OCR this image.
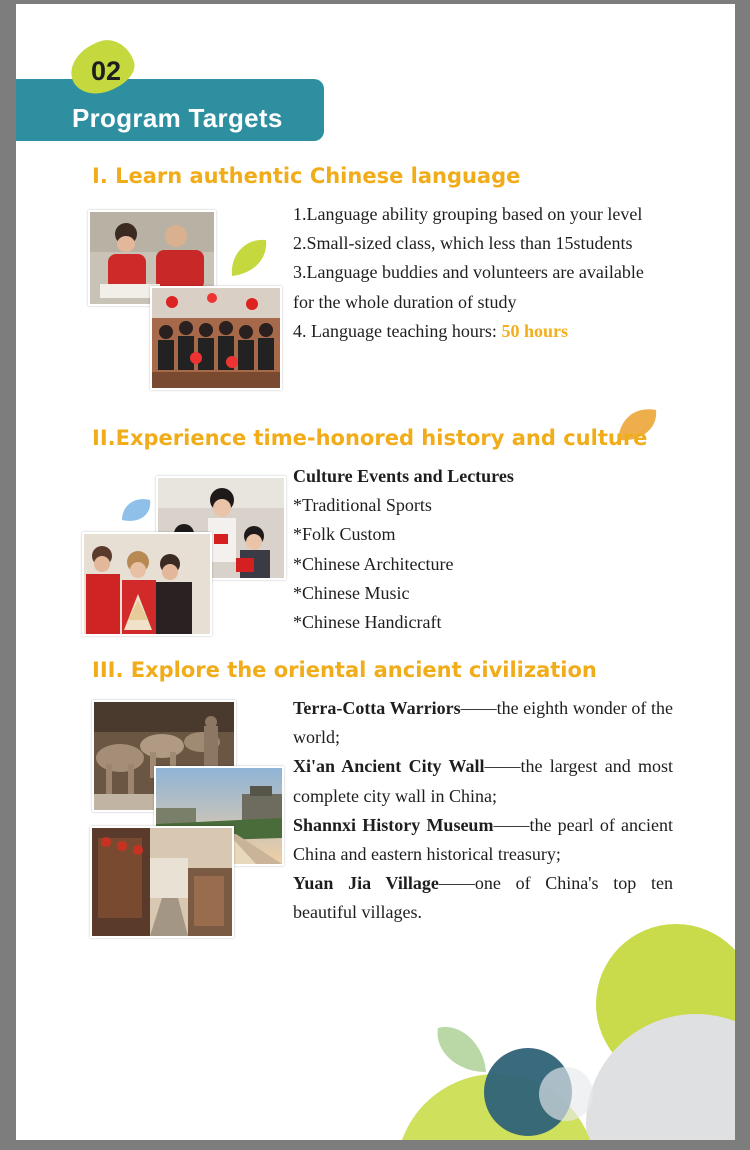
Program Targets
02
I. Learn authentic Chinese language
1.Language ability grouping based on your level
2.Small-sized class, which less than 15students
3.Language buddies and volunteers are available
for the whole duration of study
4. Language teaching hours: 50 hours
II.Experience time-honored history and culture
Culture Events and Lectures
*Traditional Sports
*Folk Custom
*Chinese Architecture
*Chinese Music
*Chinese Handicraft
III. Explore the oriental ancient civilization
Terra-Cotta Warriors——the eighth wonder of the world;
Xi'an Ancient City Wall——the largest and most complete city wall in China;
Shannxi History Museum——the pearl of ancient China and eastern historical treasury;
Yuan Jia Village——one of China's top ten beautiful villages.
